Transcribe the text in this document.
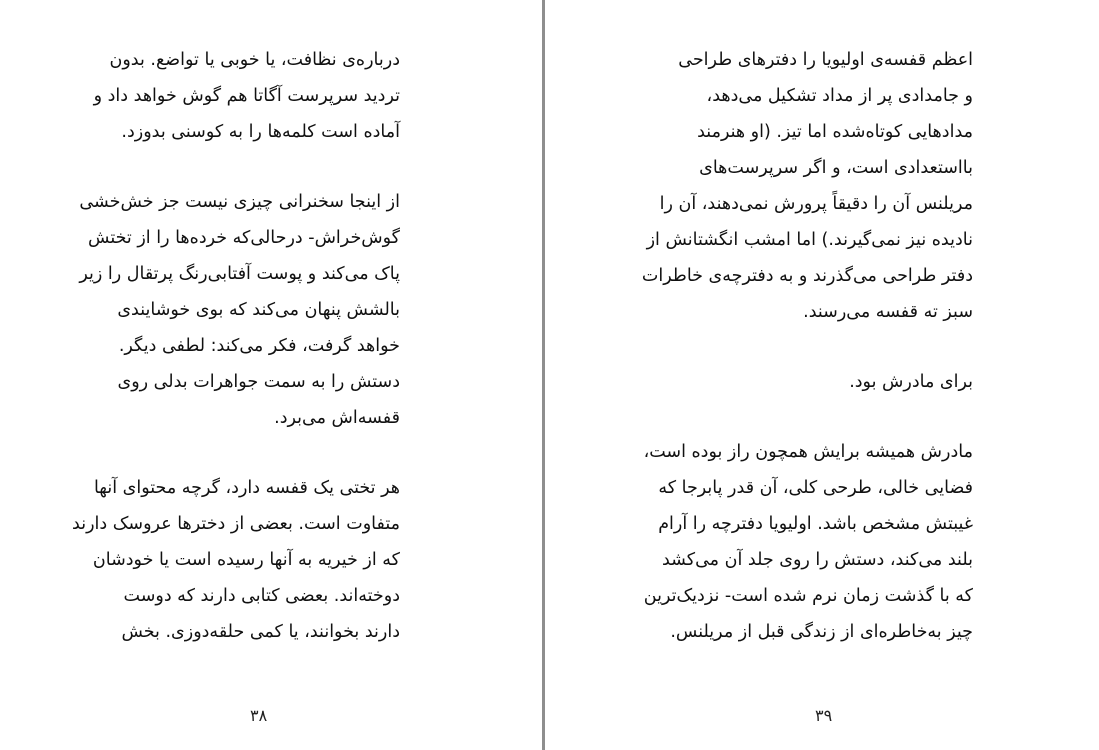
درباره‌ی نظافت، یا خوبی یا تواضع. بدون
تردید سرپرست آگاتا هم گوش خواهد داد و
آماده است کلمه‌ها را به کوسنی بدوزد.
از اینجا سخنرانی چیزی نیست جز خش‌خشی
گوش‌خراش- درحالی‌که خرده‌ها را از تختش
پاک می‌کند و پوست آفتابی‌رنگ پرتقال را زیر
بالشش پنهان می‌کند که بوی خوشایندی
خواهد گرفت، فکر می‌کند: لطفی دیگر.
دستش را به سمت جواهرات بدلی روی
قفسه‌اش می‌برد.
هر تختی یک قفسه دارد، گرچه محتوای آنها
متفاوت است. بعضی از دخترها عروسک دارند
که از خیریه به آنها رسیده است یا خودشان
دوخته‌اند. بعضی کتابی دارند که دوست
دارند بخوانند، یا کمی حلقه‌دوزی. بخش
۳۸
اعظم قفسه‌ی اولیویا را دفترهای طراحی
و جامدادی پر از مداد تشکیل می‌دهد،
مدادهایی کوتاه‌شده اما تیز. (او هنرمند
بااستعدادی است، و اگر سرپرست‌های
مریلنس آن را دقیقاً پرورش نمی‌دهند، آن را
نادیده نیز نمی‌گیرند.) اما امشب انگشتانش از
دفتر طراحی می‌گذرند و به دفترچه‌ی خاطرات
سبز ته قفسه می‌رسند.
برای مادرش بود.
مادرش همیشه برایش همچون راز بوده است،
فضایی خالی، طرحی کلی، آن قدر پابرجا که
غیبتش مشخص باشد. اولیویا دفترچه را آرام
بلند می‌کند، دستش را روی جلد آن می‌کشد
که با گذشت زمان نرم شده است- نزدیک‌ترین
چیز به‌خاطره‌ای از زندگی قبل از مریلنس.
۳۹
